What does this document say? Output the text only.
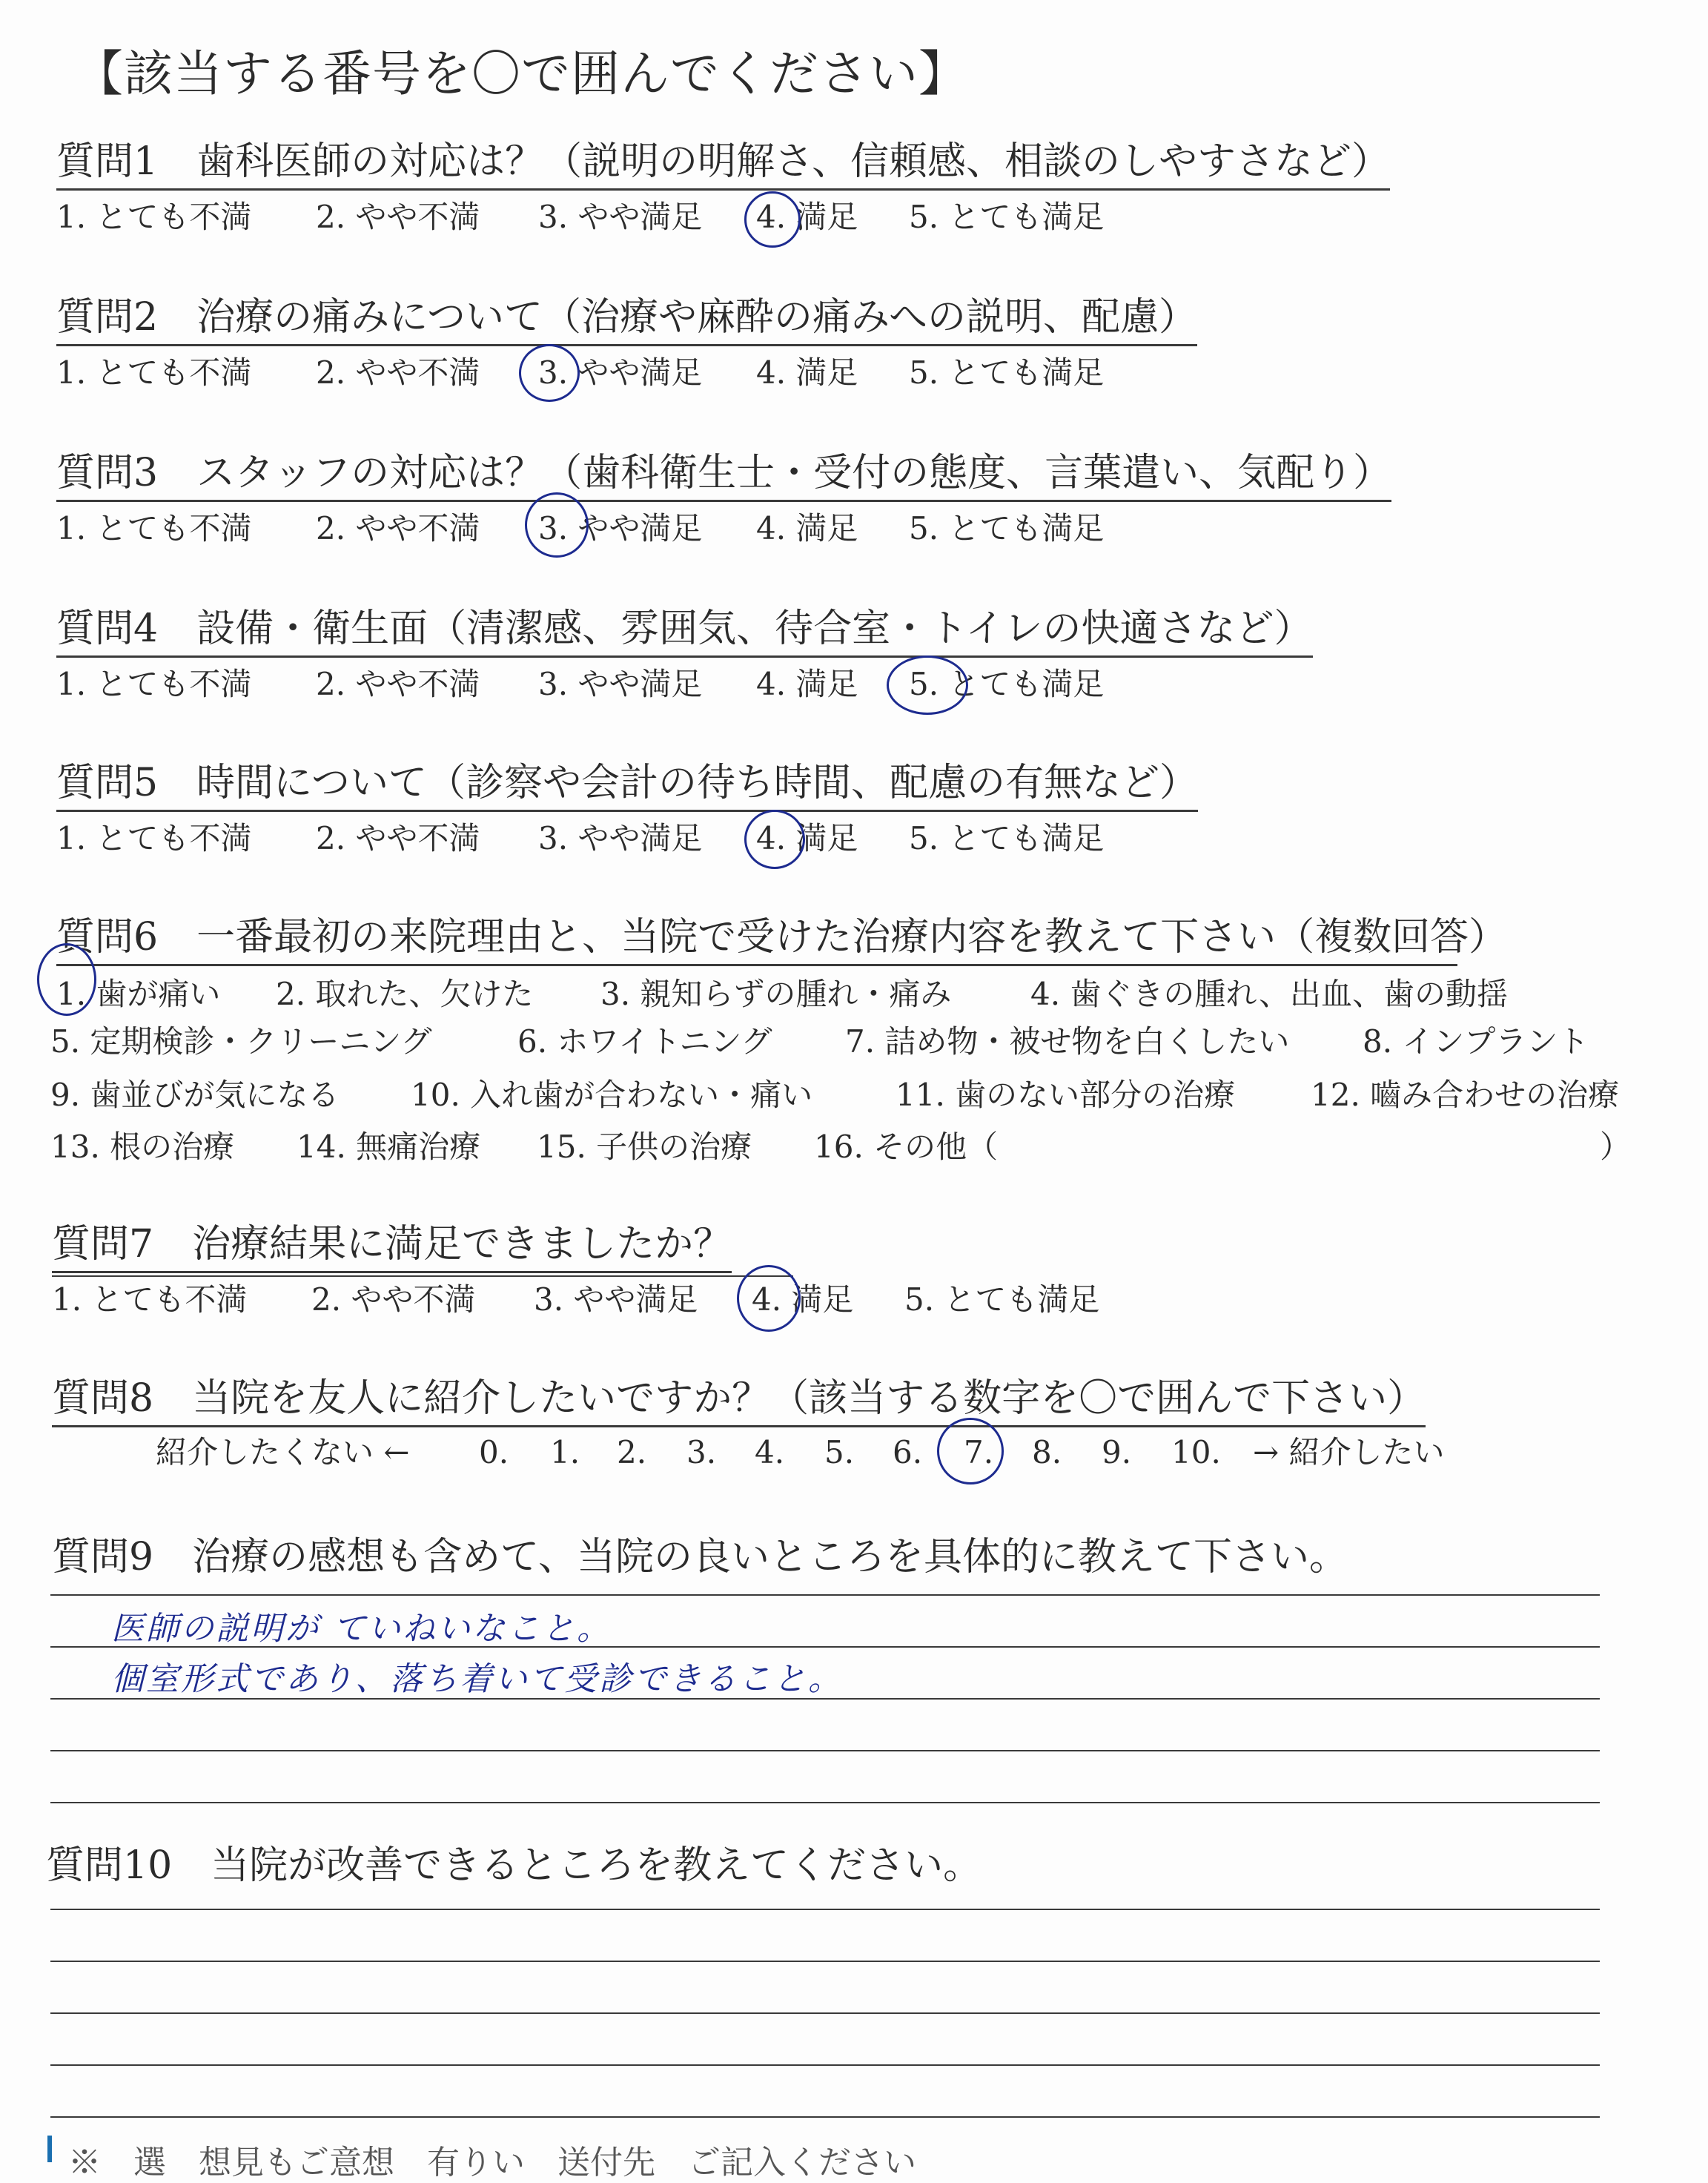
【該当する番号を〇で囲んでください】
質問1　歯科医師の対応は？（説明の明解さ、信頼感、相談のしやすさなど）
1. とても不満 2. やや不満 3. やや満足 4. 満足 5. とても満足
質問2　治療の痛みについて（治療や麻酔の痛みへの説明、配慮）
1. とても不満 2. やや不満 3. やや満足 4. 満足 5. とても満足
質問3　スタッフの対応は？（歯科衛生士・受付の態度、言葉遣い、気配り）
1. とても不満 2. やや不満 3. やや満足 4. 満足 5. とても満足
質問4　設備・衛生面（清潔感、雰囲気、待合室・トイレの快適さなど）
1. とても不満 2. やや不満 3. やや満足 4. 満足 5. とても満足
質問5　時間について（診察や会計の待ち時間、配慮の有無など）
1. とても不満 2. やや不満 3. やや満足 4. 満足 5. とても満足
質問6　一番最初の来院理由と、当院で受けた治療内容を教えて下さい（複数回答）
1. 歯が痛い 2. 取れた、欠けた 3. 親知らずの腫れ・痛み	4. 歯ぐきの腫れ、出血、歯の動揺
5. 定期検診・クリーニング	6. ホワイトニング 7. 詰め物・被せ物を白くしたい 8. インプラント
9. 歯並びが気になる 10. 入れ歯が合わない・痛い	11. 歯のない部分の治療 12. 嚙み合わせの治療
13. 根の治療 14. 無痛治療 15. 子供の治療 16. その他（	）
質問7　治療結果に満足できましたか？
1. とても不満 2. やや不満 3. やや満足 4. 満足 5. とても満足
質問8　当院を友人に紹介したいですか？（該当する数字を〇で囲んで下さい）
紹介したくない ← 0. 1. 2. 3. 4. 5. 6. 7. 8. 9. 10. → 紹介したい
質問9　治療の感想も含めて、当院の良いところを具体的に教えて下さい。
医師の説明が ていねいなこと。
個室形式であり、落ち着いて受診できること。
質問10　当院が改善できるところを教えてください。
※　選　想見もご意想　有りい　送付先　ご記入ください
